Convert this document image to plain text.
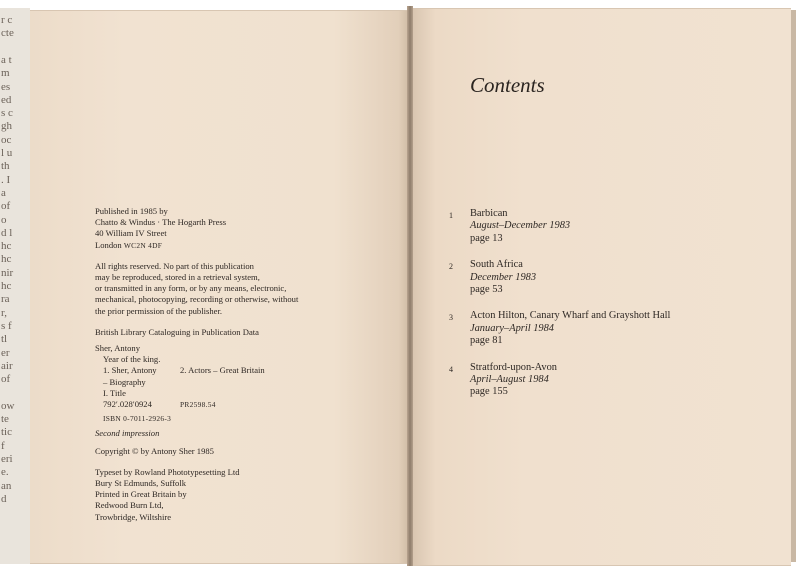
r c
cte
a t
m
es
ed
s c
gh
oc
l u
th
. I
a
of
o
d l
hc
hc
nir
hc
ra
r,
s f
tl
er
air
of
ow
te
tic
f
eri
e.
an
d

Published in 1985 by
Chatto & Windus · The Hogarth Press
40 William IV Street
London WC2N 4DF
All rights reserved. No part of this publication
may be reproduced, stored in a retrieval system,
or transmitted in any form, or by any means, electronic,
mechanical, photocopying, recording or otherwise, without
the prior permission of the publisher.
British Library Cataloguing in Publication Data
Sher, Antony
Year of the king.
1. Sher, Antony	2. Actors – Great Britain
– Biography
I. Title
792′.028′0924	PR2598.54
ISBN 0-7011-2926-3
Second impression
Copyright © by Antony Sher 1985
Typeset by Rowland Phototypesetting Ltd
Bury St Edmunds, Suffolk
Printed in Great Britain by
Redwood Burn Ltd,
Trowbridge, Wiltshire
Contents
1	Barbican
August–December 1983
page 13
2	South Africa
December 1983
page 53
3	Acton Hilton, Canary Wharf and Grayshott Hall
January–April 1984
page 81
4	Stratford-upon-Avon
April–August 1984
page 155
